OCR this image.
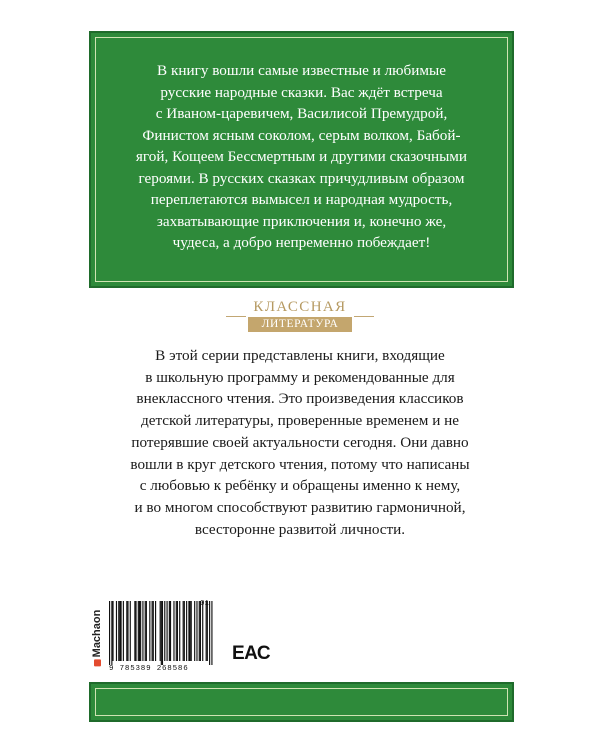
В книгу вошли самые известные и любимые
русские народные сказки. Вас ждёт встреча
с Иваном-царевичем, Василисой Премудрой,
Финистом ясным соколом, серым волком, Бабой-
ягой, Кощеем Бессмертным и другими сказочными
героями. В русских сказках причудливым образом
переплетаются вымысел и народная мудрость,
захватывающие приключения и, конечно же,
чудеса, а добро непременно побеждает!
КЛАССНАЯ
ЛИТЕРАТУРА
В этой серии представлены книги, входящие
в школьную программу и рекомендованные для
внеклассного чтения. Это произведения классиков
детской литературы, проверенные временем и не
потерявшие своей актуальности сегодня. Они давно
вошли в круг детского чтения, потому что написаны
с любовью к ребёнку и обращены именно к нему,
и во многом способствуют развитию гармоничной,
всесторонне развитой личности.
Machaon
9 785389 268586
01
ЕАС
